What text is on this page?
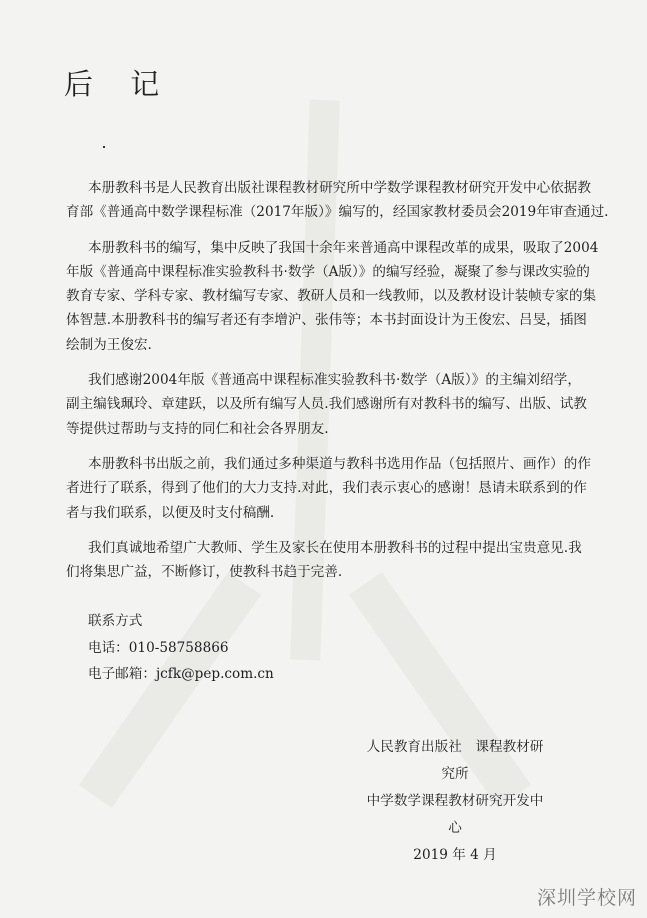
后 记
本册教科书是人民教育出版社课程教材研究所中学数学课程教材研究开发中心依据教
育部《普通高中数学课程标准（2017年版）》编写的，经国家教材委员会2019年审查通过.
本册教科书的编写，集中反映了我国十余年来普通高中课程改革的成果，吸取了2004
年版《普通高中课程标准实验教科书·数学（A版）》的编写经验，凝聚了参与课改实验的
教育专家、学科专家、教材编写专家、教研人员和一线教师，以及教材设计装帧专家的集
体智慧.本册教科书的编写者还有李增沪、张伟等；本书封面设计为王俊宏、吕旻，插图
绘制为王俊宏.
我们感谢2004年版《普通高中课程标准实验教科书·数学（A版）》的主编刘绍学，
副主编钱珮玲、章建跃，以及所有编写人员.我们感谢所有对教科书的编写、出版、试教
等提供过帮助与支持的同仁和社会各界朋友.
本册教科书出版之前，我们通过多种渠道与教科书选用作品（包括照片、画作）的作
者进行了联系，得到了他们的大力支持.对此，我们表示衷心的感谢！恳请未联系到的作
者与我们联系，以便及时支付稿酬.
我们真诚地希望广大教师、学生及家长在使用本册教科书的过程中提出宝贵意见.我
们将集思广益，不断修订，使教科书趋于完善.
联系方式
电话：010-58758866
电子邮箱：jcfk@pep.com.cn
人民教育出版社　课程教材研究所
中学数学课程教材研究开发中心
2019 年 4 月
深圳学校网
